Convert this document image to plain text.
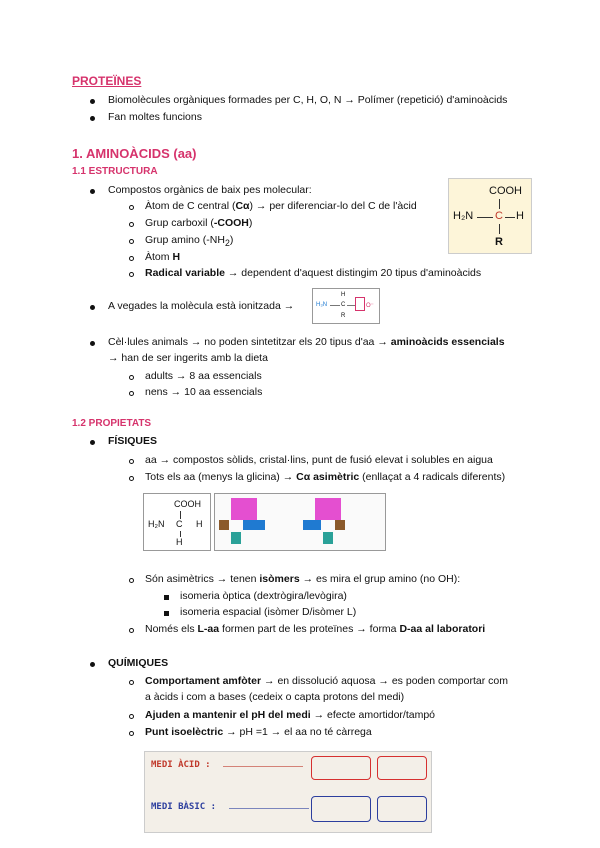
PROTEÏNES
Biomolècules orgàniques formades per C, H, O, N → Polímer (repetició) d'aminoàcids
Fan moltes funcions
1. AMINOÀCIDS (aa)
1.1 ESTRUCTURA
Compostos orgànics de baix pes molecular:
Àtom de C central (Cα) → per diferenciar-lo del C de l'àcid
Grup carboxil (-COOH)
Grup amino $(-NH_2)$
Àtom H
Radical variable → dependent d'aquest distingim 20 tipus d'aminoàcids
COOH
H₂N C H
R
A vegades la molècula està ionitzada →	H₃N C	O⁻
H
R
Cèl·lules animals → no poden sintetitzar els 20 tipus d'aa → aminoàcids essencials
→ han de ser ingerits amb la dieta
adults → 8 aa essencials
nens → 10 aa essencials
1.2 PROPIETATS
FÍSIQUES
aa → compostos sòlids, cristal·lins, punt de fusió elevat i solubles en aigua
Tots els aa (menys la glicina) → Cα asimètric (enllaçat a 4 radicals diferents)
COOH
H₂N C H
H
Són asimètrics → tenen isòmers → es mira el grup amino (no OH):
isomeria òptica (dextrògira/levògira)
isomeria espacial (isòmer D/isòmer L)
Només els L-aa formen part de les proteïnes → forma D-aa al laboratori
QUÍMIQUES
Comportament amfòter → en dissolució aquosa → es poden comportar com
a àcids i com a bases (cedeix o capta protons del medi)
Ajuden a mantenir el pH del medi → efecte amortidor/tampó
Punt isoelèctric → pH =1 → el aa no té càrrega
MEDI ÀCID :
MEDI BÀSIC :
